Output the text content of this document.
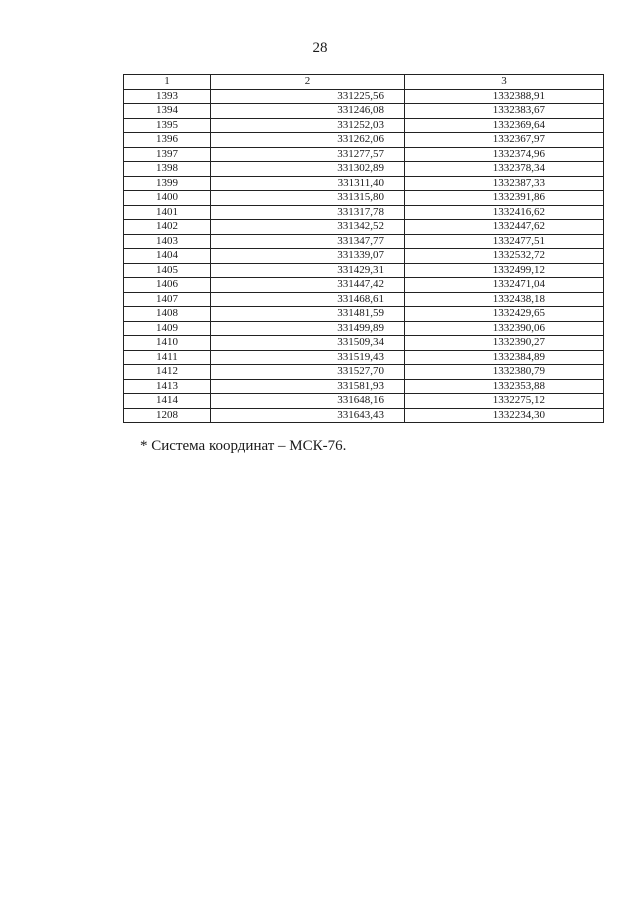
28
1	2	3
1393	331225,56	1332388,91
1394	331246,08	1332383,67
1395	331252,03	1332369,64
1396	331262,06	1332367,97
1397	331277,57	1332374,96
1398	331302,89	1332378,34
1399	331311,40	1332387,33
1400	331315,80	1332391,86
1401	331317,78	1332416,62
1402	331342,52	1332447,62
1403	331347,77	1332477,51
1404	331339,07	1332532,72
1405	331429,31	1332499,12
1406	331447,42	1332471,04
1407	331468,61	1332438,18
1408	331481,59	1332429,65
1409	331499,89	1332390,06
1410	331509,34	1332390,27
1411	331519,43	1332384,89
1412	331527,70	1332380,79
1413	331581,93	1332353,88
1414	331648,16	1332275,12
1208	331643,43	1332234,30
* Система координат – МСК-76.
